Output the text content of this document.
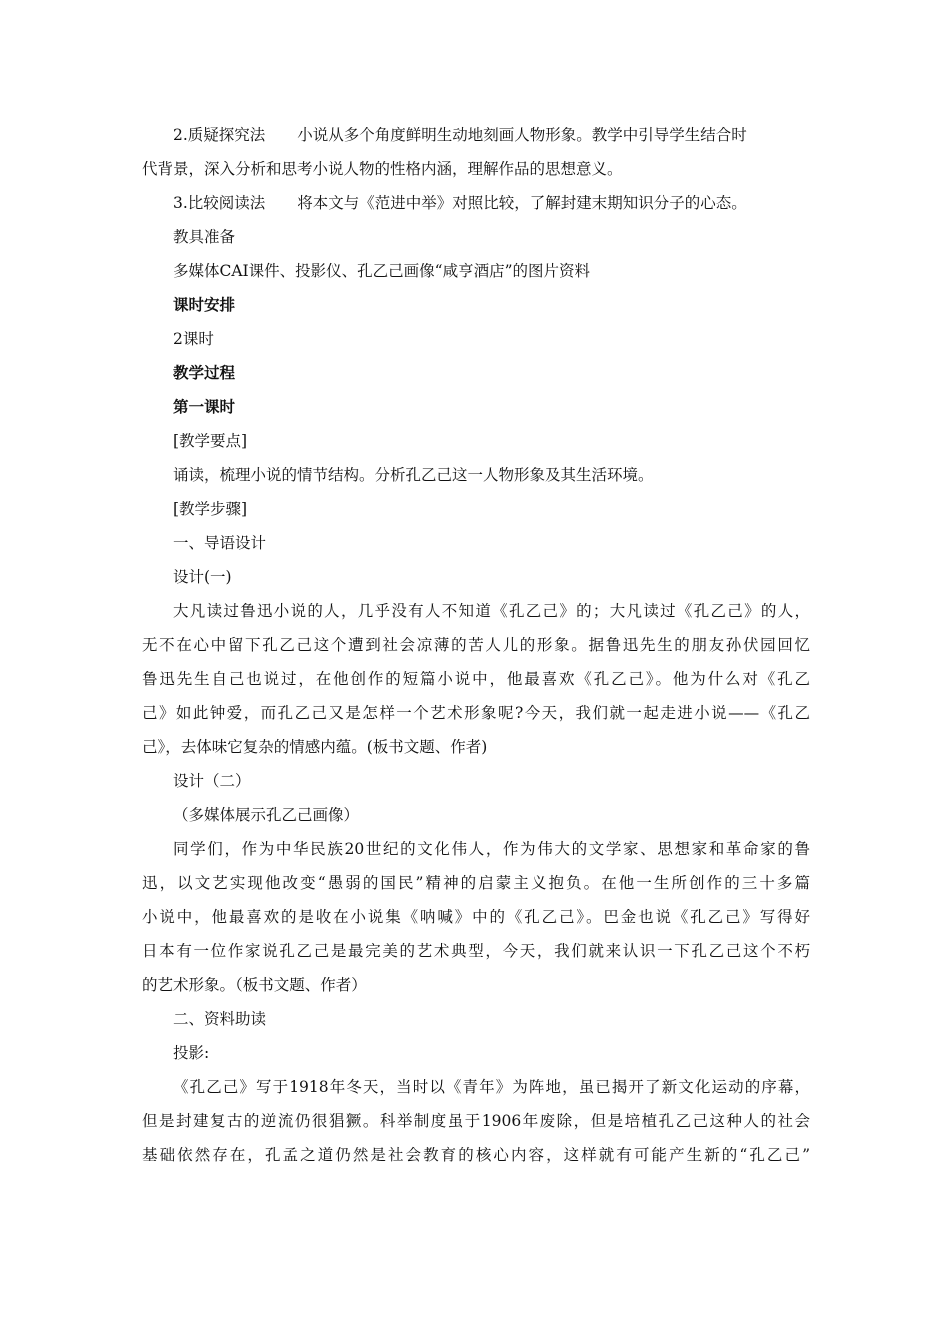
2.质疑探究法 小说从多个角度鲜明生动地刻画人物形象。教学中引导学生结合时
代背景，深入分析和思考小说人物的性格内涵，理解作品的思想意义。
3.比较阅读法 将本文与《范进中举》对照比较，了解封建末期知识分子的心态。
教具准备
多媒体CAI课件、投影仪、孔乙己画像“咸亨酒店”的图片资料
课时安排
2课时
教学过程
第一课时
[教学要点]
诵读，梳理小说的情节结构。分析孔乙己这一人物形象及其生活环境。
[教学步骤]
一、导语设计
设计(一)
大凡读过鲁迅小说的人，几乎没有人不知道《孔乙己》的；大凡读过《孔乙己》的人，
无不在心中留下孔乙己这个遭到社会凉薄的苦人儿的形象。据鲁迅先生的朋友孙伏园回忆
鲁迅先生自己也说过，在他创作的短篇小说中，他最喜欢《孔乙己》。他为什么对《孔乙
己》如此钟爱，而孔乙己又是怎样一个艺术形象呢?今天，我们就一起走进小说——《孔乙
己》，去体味它复杂的情感内蕴。(板书文题、作者)
设计（二）
（多媒体展示孔乙己画像）
同学们，作为中华民族20世纪的文化伟人，作为伟大的文学家、思想家和革命家的鲁
迅，以文艺实现他改变“愚弱的国民”精神的启蒙主义抱负。在他一生所创作的三十多篇
小说中，他最喜欢的是收在小说集《呐喊》中的《孔乙己》。巴金也说《孔乙己》写得好
日本有一位作家说孔乙己是最完美的艺术典型，今天，我们就来认识一下孔乙己这个不朽
的艺术形象。（板书文题、作者）
二、资料助读
投影:
《孔乙己》写于1918年冬天，当时以《青年》为阵地，虽已揭开了新文化运动的序幕，
但是封建复古的逆流仍很猖獗。科举制度虽于1906年废除，但是培植孔乙己这种人的社会
基础依然存在，孔孟之道仍然是社会教育的核心内容，这样就有可能产生新的“孔乙己”
